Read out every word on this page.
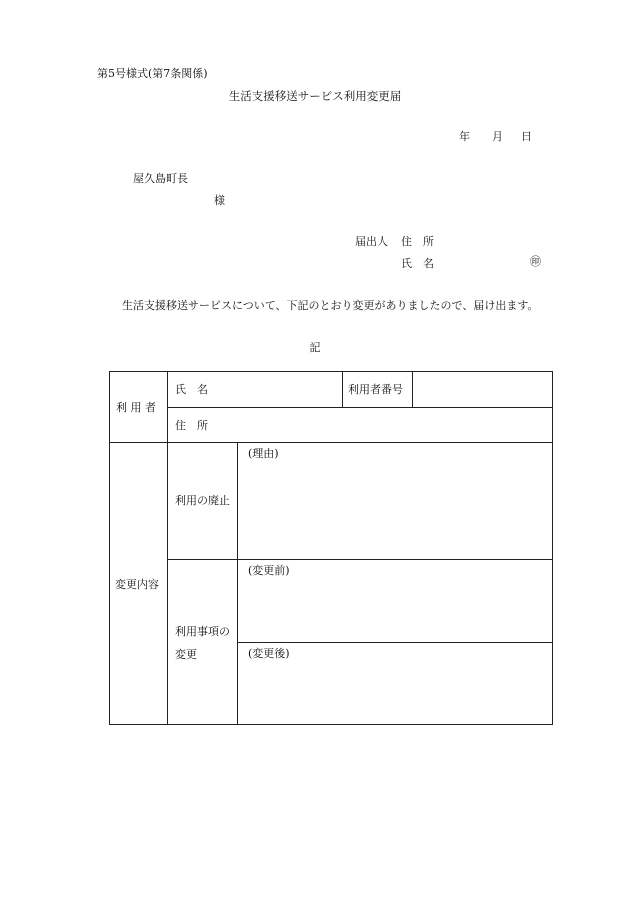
第5号様式(第7条関係)
生活支援移送サービス利用変更届
年 月 日
屋久島町長
様
届出人 住　所
氏　名	㊞
生活支援移送サービスについて、下記のとおり変更がありましたので、届け出ます。
記
利 用 者
氏　名	利用者番号
住　所
変更内容
利用の廃止
(理由)
利用事項の
変更
(変更前)
(変更後)
